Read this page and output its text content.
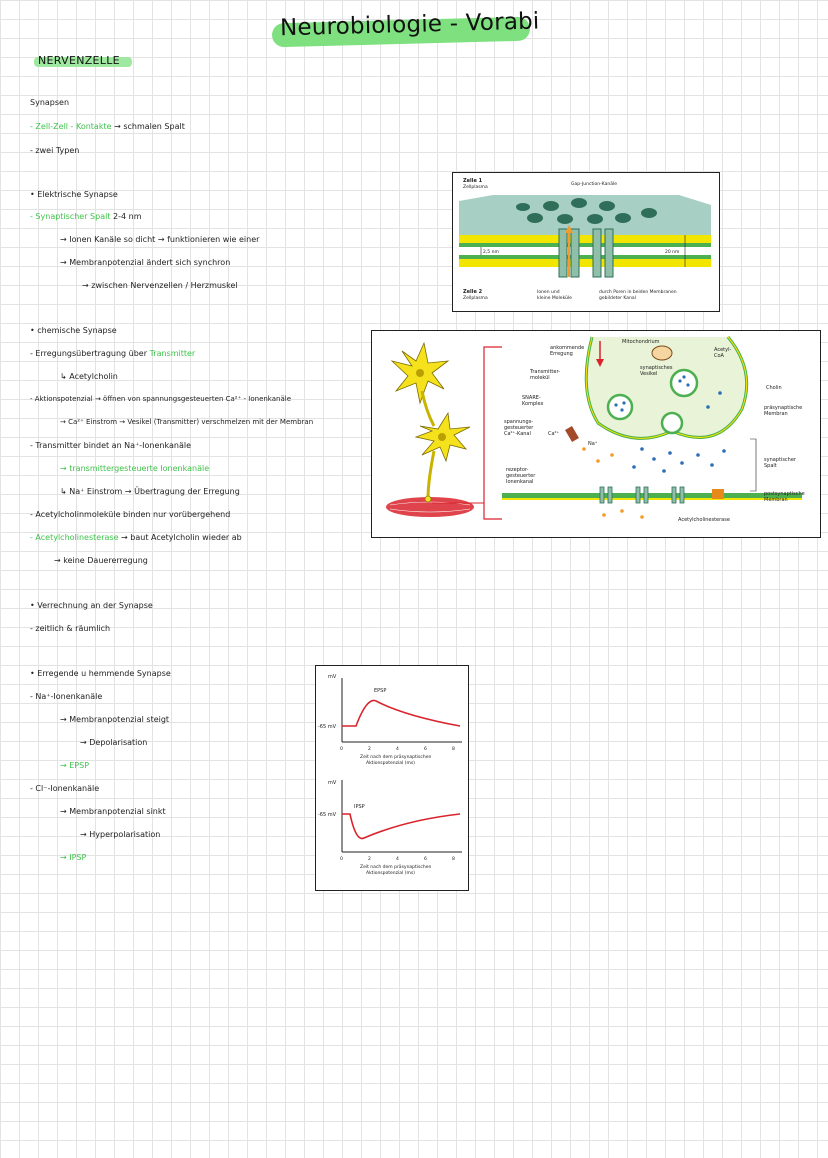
Neurobiologie - Vorabi
NERVENZELLE
Synapsen
- Zell-Zell - Kontakte → schmalen Spalt
- zwei Typen
• Elektrische Synapse
- Synaptischer Spalt 2-4 nm
→ Ionen Kanäle so dicht → funktionieren wie einer
→ Membranpotenzial ändert sich synchron
→ zwischen Nervenzellen / Herzmuskel
• chemische Synapse
- Erregungsübertragung über Transmitter
↳ Acetylcholin
- Aktionspotenzial → öffnen von spannungsgesteuerten Ca²⁺ - Ionenkanäle
→ Ca²⁺ Einstrom → Vesikel (Transmitter) verschmelzen mit der Membran
- Transmitter bindet an Na⁺-Ionenkanäle
→ transmittergesteuerte Ionenkanäle
↳ Na⁺ Einstrom → Übertragung der Erregung
- Acetylcholinmoleküle binden nur vorübergehend
- Acetylcholinesterase → baut Acetylcholin wieder ab
→ keine Dauererregung
• Verrechnung an der Synapse
- zeitlich & räumlich
• Erregende u hemmende Synapse
- Na⁺-Ionenkanäle
→ Membranpotenzial steigt
→ Depolarisation
→ EPSP
- Cl⁻-Ionenkanäle
→ Membranpotenzial sinkt
→ Hyperpolarisation
→ IPSP
Zelle 1
Zellplasma
Gap-Junction-Kanäle
2,5 nm	20 nm
Zelle 2
Zellplasma
Ionen und
kleine Moleküle
durch Poren in beiden Membranen
gebildeter Kanal
ankommende
Erregung
Mitochondrium
Acetyl-
CoA
Transmitter-
molekül
synaptisches
Vesikel
Cholin
SNARE-
Komplex
präsynaptische
Membran
spannungs-
gesteuerter
Ca²⁺-Kanal	Ca²⁺
Na⁺
rezeptor-
gesteuerter
Ionenkanal
synaptischer
Spalt
postsynaptische
Membran
Acetylcholinesterase
mV
-65 mV
EPSP
0	2	4	6	8
Zeit nach dem präsynaptischen
Aktionspotenzial (ms)
mV
-65 mV
IPSP
0	2	4	6	8
Zeit nach dem präsynaptischen
Aktionspotenzial (ms)
